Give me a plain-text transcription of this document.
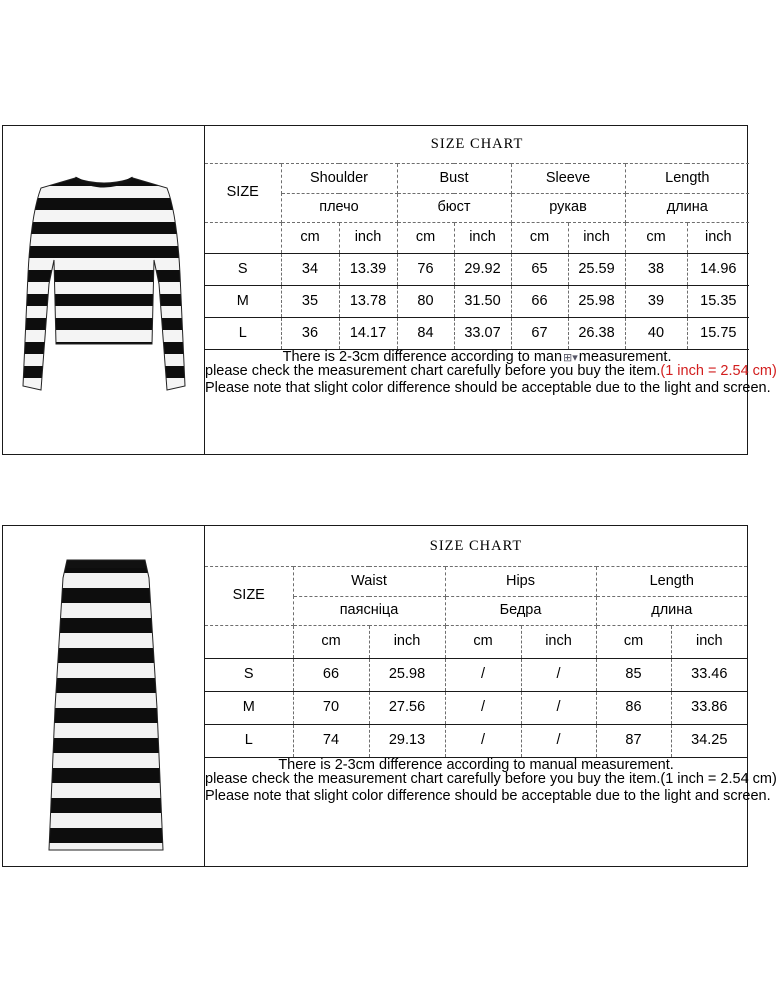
SIZE CHART								
SIZE	Shoulder		Bust		Sleeve		Length	
	плечо		бюст		рукав		длина	
	cm	inch	cm	inch	cm	inch	cm	inch
S	34	13.39	76	29.92	65	25.59	38	14.96
M	35	13.78	80	31.50	66	25.98	39	15.35
L	36	14.17	84	33.07	67	26.38	40	15.75

There is 2-3cm difference according to man⊞▾measurement.
please check the measurement chart carefully before you buy the item.(1 inch = 2.54 cm)
Please note that slight color difference should be acceptable due to the light and screen.								
SIZE CHART						
SIZE	Waist		Hips		Length	
	паясніца		Бедра		длина	
	cm	inch	cm	inch	cm	inch
S	66	25.98	/	/	85	33.46
M	70	27.56	/	/	86	33.86
L	74	29.13	/	/	87	34.25

There is 2-3cm difference according to manual measurement.
please check the measurement chart carefully before you buy the item.(1 inch = 2.54 cm)
Please note that slight color difference should be acceptable due to the light and screen.						
